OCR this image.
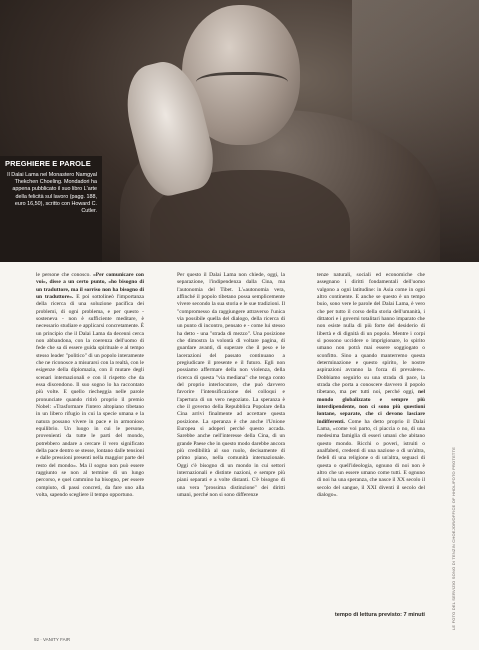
PREGHIERE E PAROLE
Il Dalai Lama nel Monastero Namgyal Thekchen Choeling. Mondadori ha appena pubblicato il suo libro L'arte della felicità sul lavoro (pagg. 188, euro 16,50), scritto con Howard C. Cutler.
le persone che conosco. «Per comunicare con voi», disse a un certo punto, «ho bisogno di un traduttore, ma il sorriso non ha bisogno di un traduttore». E poi sottolineò l'importanza della ricerca di una soluzione pacifica dei problemi, di ogni problema, e per questo - sosteneva - non è sufficiente meditare, è necessario studiare e applicarsi concretamente. È un principio che il Dalai Lama da decenni cerca non abbandona, con la coerenza dell'uomo di fede che sa di essere guida spirituale e al tempo stesso leader "politico" di un popolo interamente che ne riconosce a misurarsi con la realtà, con le esigenze della diplomazia, con il mutare degli scenari internazionali e con il rispetto che da essa discendono. Il suo sogno lo ha raccontato più volte. E quello riecheggia nelle parole pronunciate quando ritirò proprio il premio Nobel: «Trasformare l'intero altopiano tibetano in un libero rifugio in cui la specie umana e la natura possano vivere in pace e in armonioso equilibrio. Un luogo in cui le persone, provenienti da tutte le parti del mondo, potrebbero andare a cercare il vero significato della pace dentro se stesse, lontano dalle tensioni e dalle pressioni presenti nella maggior parte del resto del mondo». Ma il sogno non può essere raggiunto se non al termine di un lungo percorso, e quel cammino ha bisogno, per essere compiuto, di passi concreti, da fare uno alla volta, sapendo scegliere il tempo opportuno.
Per questo il Dalai Lama non chiede, oggi, la separazione, l'indipendenza dalla Cina, ma l'autonomia del Tibet. L'«autonomia vera, affinché il popolo tibetano possa semplicemente vivere secondo la sua storia e le sue tradizioni. Il "compromesso da raggiungere attraverso l'unica via possibile quella del dialogo, della ricerca di un punto di incontro, pensato e - come lui stesso ha detto - una "strada di mezzo". Una posizione che dimostra la volontà di voltare pagina, di guardare avanti, di superare che il peso e le lacerazioni del passato continuano a pregiudicare il presente e il futuro. Egli non possiamo affermare della non violenza, della ricerca di questa "via mediana" che tenga conto del proprio interlocutore, che può davvero favorire l'intensificazione dei colloqui e l'apertura di un vero negoziato. La speranza è che il governo della Repubblica Popolare della Cina arrivi finalmente ad accettare questa posizione. La speranza è che anche l'Unione Europea si adoperi perché questo accada. Sarebbe anche nell'interesse della Cina, di un grande Paese che in questo modo darebbe ancora più credibilità al suo ruolo, decisamente di primo piano, nella comunità internazionale. Oggi c'è bisogno di un mondo in cui settori internazionali e distinte nazioni, e sempre più piani separati e a volte distanti. C'è bisogno di una vera "prossima distinzione" dei diritti umani, perché non si sono differenze
tenze naturali, sociali ed economiche che assegnano i diritti fondamentali dell'uomo valgono a ogni latitudine: in Asia come in ogni altro continente. E anche se questo è un tempo buio, sono vere le parole del Dalai Lama, è vero che per tutto il corso della storia dell'umanità, i dittatori e i governi totalitari hanno imparato che non esiste nulla di più forte del desiderio di libertà e di dignità di un popolo. Mentre i corpi si possono uccidere o imprigionare, lo spirito umano non potrà mai essere soggiogato o sconfitto. Sino a quando manterremo questa determinazione e questo spirito, le nostre aspirazioni avranno la forza di prevalere». Dobbiamo seguirlo su una strada di pace, la strada che porta a conoscere davvero il popolo tibetano, ma per tutti noi, perché oggi, nel mondo globalizzato e sempre più interdipendente, non ci sono più questioni lontane, separate, che ci devono lasciare indifferenti. Come ha detto proprio il Dalai Lama, «come voi parto, ci piaccia o no, di una medesima famiglia di esseri umani che abitano questo mondo. Ricchi o poveri, istruiti o analfabeti, credenti di una nazione o di un'altra, fedeli di una religione o di un'altra, seguaci di questa o quell'ideologia, ognuno di noi non è altro che un essere umano come tutti. E ognuno di noi ha una speranza, che nasce il XX secolo il secolo del sangue, il XXI diventi il secolo del dialogo».
tempo di lettura previsto: 7 minuti	LE FOTO DEL SERVIZIO SONO DI TENZIN CHOEJOR/OFFICE OF HHDL/FOTO PROTETTE
92 · VANITY FAIR
